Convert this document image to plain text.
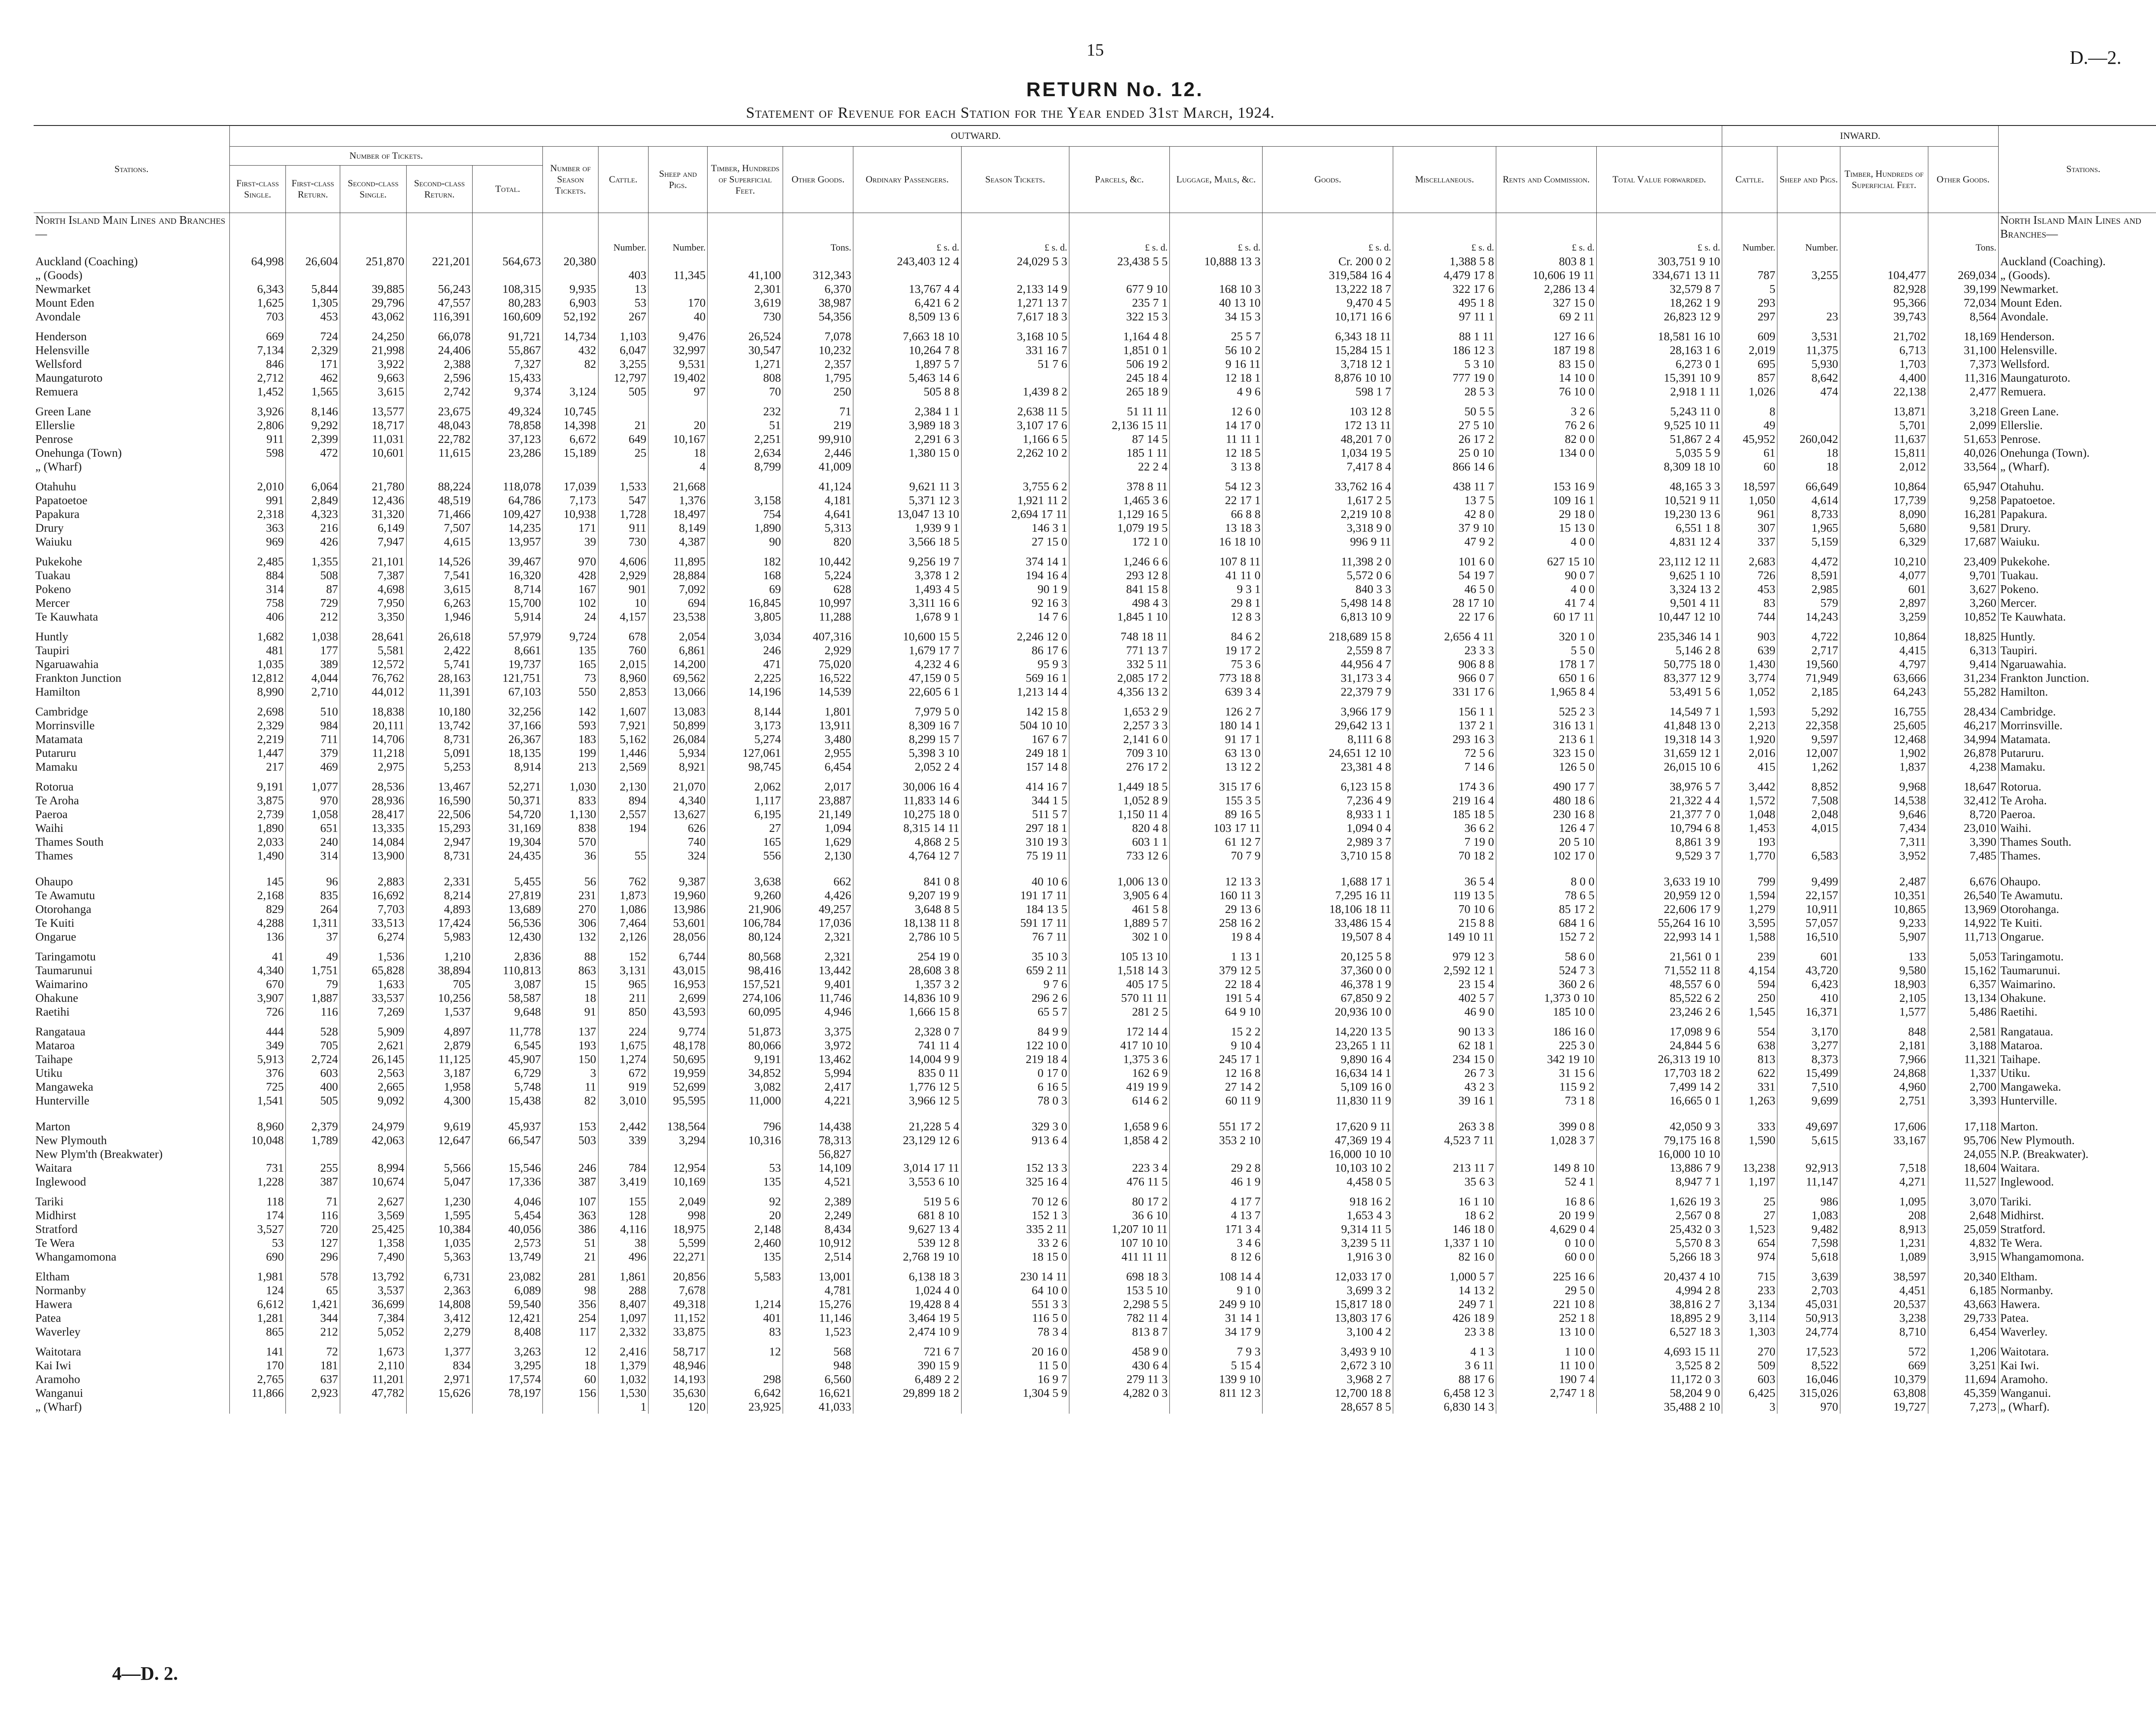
15	D.—2.
RETURN No. 12.
Statement of Revenue for each Station for the Year ended 31st March, 1924.
Stations.	OUTWARD.																		INWARD.				Stations.
	Number of Tickets.					Number of Season Tickets.	Cattle.	Sheep and Pigs.	Timber, Hundreds of Superficial Feet.	Other Goods.	Ordinary Passengers.	Season Tickets.	Parcels, &c.	Luggage, Mails, &c.	Goods.	Miscellaneous.	Rents and Commission.	Total Value forwarded.	Cattle.	Sheep and Pigs.	Timber, Hundreds of Superficial Feet.	Other Goods.	
	First-class Single.	First-class Return.	Second-class Single.	Second-class Return.	Total.																		
North Island Main Lines and Branches—																							North Island Main Lines and Branches—
							Number.	Number.		Tons.	£ s. d.	£ s. d.	£ s. d.	£ s. d.	£ s. d.	£ s. d.	£ s. d.	£ s. d.	Number.	Number.		Tons.	
Auckland (Coaching)	64,998	26,604	251,870	221,201	564,673	20,380					243,403 12 4	24,029 5 3	23,438 5 5	10,888 13 3	Cr. 200 0 2	1,388 5 8	803 8 1	303,751 9 10					Auckland (Coaching).
„ (Goods)							403	11,345	41,100	312,343					319,584 16 4	4,479 17 8	10,606 19 11	334,671 13 11	787	3,255	104,477	269,034	„ (Goods).
Newmarket	6,343	5,844	39,885	56,243	108,315	9,935	13		2,301	6,370	13,767 4 4	2,133 14 9	677 9 10	168 10 3	13,222 18 7	322 17 6	2,286 13 4	32,579 8 7	5		82,928	39,199	Newmarket.
Mount Eden	1,625	1,305	29,796	47,557	80,283	6,903	53	170	3,619	38,987	6,421 6 2	1,271 13 7	235 7 1	40 13 10	9,470 4 5	495 1 8	327 15 0	18,262 1 9	293		95,366	72,034	Mount Eden.
Avondale	703	453	43,062	116,391	160,609	52,192	267	40	730	54,356	8,509 13 6	7,617 18 3	322 15 3	34 15 3	10,171 16 6	97 11 1	69 2 11	26,823 12 9	297	23	39,743	8,564	Avondale.

Henderson	669	724	24,250	66,078	91,721	14,734	1,103	9,476	26,524	7,078	7,663 18 10	3,168 10 5	1,164 4 8	25 5 7	6,343 18 11	88 1 11	127 16 6	18,581 16 10	609	3,531	21,702	18,169	Henderson.
Helensville	7,134	2,329	21,998	24,406	55,867	432	6,047	32,997	30,547	10,232	10,264 7 8	331 16 7	1,851 0 1	56 10 2	15,284 15 1	186 12 3	187 19 8	28,163 1 6	2,019	11,375	6,713	31,100	Helensville.
Wellsford	846	171	3,922	2,388	7,327	82	3,255	9,531	1,271	2,357	1,897 5 7	51 7 6	506 19 2	9 16 11	3,718 12 1	5 3 10	83 15 0	6,273 0 1	695	5,930	1,703	7,373	Wellsford.
Maungaturoto	2,712	462	9,663	2,596	15,433		12,797	19,402	808	1,795	5,463 14 6		245 18 4	12 18 1	8,876 10 10	777 19 0	14 10 0	15,391 10 9	857	8,642	4,400	11,316	Maungaturoto.
Remuera	1,452	1,565	3,615	2,742	9,374	3,124	505	97	70	250	505 8 8	1,439 8 2	265 18 9	4 9 6	598 1 7	28 5 3	76 10 0	2,918 1 11	1,026	474	22,138	2,477	Remuera.

Green Lane	3,926	8,146	13,577	23,675	49,324	10,745			232	71	2,384 1 1	2,638 11 5	51 11 11	12 6 0	103 12 8	50 5 5	3 2 6	5,243 11 0	8		13,871	3,218	Green Lane.
Ellerslie	2,806	9,292	18,717	48,043	78,858	14,398	21	20	51	219	3,989 18 3	3,107 17 6	2,136 15 11	14 17 0	172 13 11	27 5 10	76 2 6	9,525 10 11	49		5,701	2,099	Ellerslie.
Penrose	911	2,399	11,031	22,782	37,123	6,672	649	10,167	2,251	99,910	2,291 6 3	1,166 6 5	87 14 5	11 11 1	48,201 7 0	26 17 2	82 0 0	51,867 2 4	45,952	260,042	11,637	51,653	Penrose.
Onehunga (Town)	598	472	10,601	11,615	23,286	15,189	25	18	2,634	2,446	1,380 15 0	2,262 10 2	185 1 11	12 18 5	1,034 19 5	25 0 10	134 0 0	5,035 5 9	61	18	15,811	40,026	Onehunga (Town).
„ (Wharf)								4	8,799	41,009			22 2 4	3 13 8	7,417 8 4	866 14 6		8,309 18 10	60	18	2,012	33,564	„ (Wharf).

Otahuhu	2,010	6,064	21,780	88,224	118,078	17,039	1,533	21,668		41,124	9,621 11 3	3,755 6 2	378 8 11	54 12 3	33,762 16 4	438 11 7	153 16 9	48,165 3 3	18,597	66,649	10,864	65,947	Otahuhu.
Papatoetoe	991	2,849	12,436	48,519	64,786	7,173	547	1,376	3,158	4,181	5,371 12 3	1,921 11 2	1,465 3 6	22 17 1	1,617 2 5	13 7 5	109 16 1	10,521 9 11	1,050	4,614	17,739	9,258	Papatoetoe.
Papakura	2,318	4,323	31,320	71,466	109,427	10,938	1,728	18,497	754	4,641	13,047 13 10	2,694 17 11	1,129 16 5	66 8 8	2,219 10 8	42 8 0	29 18 0	19,230 13 6	961	8,733	8,090	16,281	Papakura.
Drury	363	216	6,149	7,507	14,235	171	911	8,149	1,890	5,313	1,939 9 1	146 3 1	1,079 19 5	13 18 3	3,318 9 0	37 9 10	15 13 0	6,551 1 8	307	1,965	5,680	9,581	Drury.
Waiuku	969	426	7,947	4,615	13,957	39	730	4,387	90	820	3,566 18 5	27 15 0	172 1 0	16 18 10	996 9 11	47 9 2	4 0 0	4,831 12 4	337	5,159	6,329	17,687	Waiuku.

Pukekohe	2,485	1,355	21,101	14,526	39,467	970	4,606	11,895	182	10,442	9,256 19 7	374 14 1	1,246 6 6	107 8 11	11,398 2 0	101 6 0	627 15 10	23,112 12 11	2,683	4,472	10,210	23,409	Pukekohe.
Tuakau	884	508	7,387	7,541	16,320	428	2,929	28,884	168	5,224	3,378 1 2	194 16 4	293 12 8	41 11 0	5,572 0 6	54 19 7	90 0 7	9,625 1 10	726	8,591	4,077	9,701	Tuakau.
Pokeno	314	87	4,698	3,615	8,714	167	901	7,092	69	628	1,493 4 5	90 1 9	841 15 8	9 3 1	840 3 3	46 5 0	4 0 0	3,324 13 2	453	2,985	601	3,627	Pokeno.
Mercer	758	729	7,950	6,263	15,700	102	10	694	16,845	10,997	3,311 16 6	92 16 3	498 4 3	29 8 1	5,498 14 8	28 17 10	41 7 4	9,501 4 11	83	579	2,897	3,260	Mercer.
Te Kauwhata	406	212	3,350	1,946	5,914	24	4,157	23,538	3,805	11,288	1,678 9 1	14 7 6	1,845 1 10	12 8 3	6,813 10 9	22 17 6	60 17 11	10,447 12 10	744	14,243	3,259	10,852	Te Kauwhata.

Huntly	1,682	1,038	28,641	26,618	57,979	9,724	678	2,054	3,034	407,316	10,600 15 5	2,246 12 0	748 18 11	84 6 2	218,689 15 8	2,656 4 11	320 1 0	235,346 14 1	903	4,722	10,864	18,825	Huntly.
Taupiri	481	177	5,581	2,422	8,661	135	760	6,861	246	2,929	1,679 17 7	86 17 6	771 13 7	19 17 2	2,559 8 7	23 3 3	5 5 0	5,146 2 8	639	2,717	4,415	6,313	Taupiri.
Ngaruawahia	1,035	389	12,572	5,741	19,737	165	2,015	14,200	471	75,020	4,232 4 6	95 9 3	332 5 11	75 3 6	44,956 4 7	906 8 8	178 1 7	50,775 18 0	1,430	19,560	4,797	9,414	Ngaruawahia.
Frankton Junction	12,812	4,044	76,762	28,163	121,751	73	8,960	69,562	2,225	16,522	47,159 0 5	569 16 1	2,085 17 2	773 18 8	31,173 3 4	966 0 7	650 1 6	83,377 12 9	3,774	71,949	63,666	31,234	Frankton Junction.
Hamilton	8,990	2,710	44,012	11,391	67,103	550	2,853	13,066	14,196	14,539	22,605 6 1	1,213 14 4	4,356 13 2	639 3 4	22,379 7 9	331 17 6	1,965 8 4	53,491 5 6	1,052	2,185	64,243	55,282	Hamilton.

Cambridge	2,698	510	18,838	10,180	32,256	142	1,607	13,083	8,144	1,801	7,979 5 0	142 15 8	1,653 2 9	126 2 7	3,966 17 9	156 1 1	525 2 3	14,549 7 1	1,593	5,292	16,755	28,434	Cambridge.
Morrinsville	2,329	984	20,111	13,742	37,166	593	7,921	50,899	3,173	13,911	8,309 16 7	504 10 10	2,257 3 3	180 14 1	29,642 13 1	137 2 1	316 13 1	41,848 13 0	2,213	22,358	25,605	46,217	Morrinsville.
Matamata	2,219	711	14,706	8,731	26,367	183	5,162	26,084	5,274	3,480	8,299 15 7	167 6 7	2,141 6 0	91 17 1	8,111 6 8	293 16 3	213 6 1	19,318 14 3	1,920	9,597	12,468	34,994	Matamata.
Putaruru	1,447	379	11,218	5,091	18,135	199	1,446	5,934	127,061	2,955	5,398 3 10	249 18 1	709 3 10	63 13 0	24,651 12 10	72 5 6	323 15 0	31,659 12 1	2,016	12,007	1,902	26,878	Putaruru.
Mamaku	217	469	2,975	5,253	8,914	213	2,569	8,921	98,745	6,454	2,052 2 4	157 14 8	276 17 2	13 12 2	23,381 4 8	7 14 6	126 5 0	26,015 10 6	415	1,262	1,837	4,238	Mamaku.

Rotorua	9,191	1,077	28,536	13,467	52,271	1,030	2,130	21,070	2,062	2,017	30,006 16 4	414 16 7	1,449 18 5	315 17 6	6,123 15 8	174 3 6	490 17 7	38,976 5 7	3,442	8,852	9,968	18,647	Rotorua.
Te Aroha	3,875	970	28,936	16,590	50,371	833	894	4,340	1,117	23,887	11,833 14 6	344 1 5	1,052 8 9	155 3 5	7,236 4 9	219 16 4	480 18 6	21,322 4 4	1,572	7,508	14,538	32,412	Te Aroha.
Paeroa	2,739	1,058	28,417	22,506	54,720	1,130	2,557	13,627	6,195	21,149	10,275 18 0	511 5 7	1,150 11 4	89 16 5	8,933 1 1	185 18 5	230 16 8	21,377 7 0	1,048	2,048	9,646	8,720	Paeroa.
Waihi	1,890	651	13,335	15,293	31,169	838	194	626	27	1,094	8,315 14 11	297 18 1	820 4 8	103 17 11	1,094 0 4	36 6 2	126 4 7	10,794 6 8	1,453	4,015	7,434	23,010	Waihi.
Thames South	2,033	240	14,084	2,947	19,304	570		740	165	1,629	4,868 2 5	310 19 3	603 1 1	61 12 7	2,989 3 7	7 19 0	20 5 10	8,861 3 9	193		7,311	3,390	Thames South.
Thames	1,490	314	13,900	8,731	24,435	36	55	324	556	2,130	4,764 12 7	75 19 11	733 12 6	70 7 9	3,710 15 8	70 18 2	102 17 0	9,529 3 7	1,770	6,583	3,952	7,485	Thames.

Ohaupo	145	96	2,883	2,331	5,455	56	762	9,387	3,638	662	841 0 8	40 10 6	1,006 13 0	12 13 3	1,688 17 1	36 5 4	8 0 0	3,633 19 10	799	9,499	2,487	6,676	Ohaupo.
Te Awamutu	2,168	835	16,692	8,214	27,819	231	1,873	19,960	9,260	4,426	9,207 19 9	191 17 11	3,905 6 4	160 11 3	7,295 16 11	119 13 5	78 6 5	20,959 12 0	1,594	22,157	10,351	26,540	Te Awamutu.
Otorohanga	829	264	7,703	4,893	13,689	270	1,086	13,986	21,906	49,257	3,648 8 5	184 13 5	461 5 8	29 13 6	18,106 18 11	70 10 6	85 17 2	22,606 17 9	1,279	10,911	10,865	13,969	Otorohanga.
Te Kuiti	4,288	1,311	33,513	17,424	56,536	306	7,464	53,601	106,784	17,036	18,138 11 8	591 17 11	1,889 5 7	258 16 2	33,486 15 4	215 8 8	684 1 6	55,264 16 10	3,595	57,057	9,233	14,922	Te Kuiti.
Ongarue	136	37	6,274	5,983	12,430	132	2,126	28,056	80,124	2,321	2,786 10 5	76 7 11	302 1 0	19 8 4	19,507 8 4	149 10 11	152 7 2	22,993 14 1	1,588	16,510	5,907	11,713	Ongarue.

Taringamotu	41	49	1,536	1,210	2,836	88	152	6,744	80,568	2,321	254 19 0	35 10 3	105 13 10	1 13 1	20,125 5 8	979 12 3	58 6 0	21,561 0 1	239	601	133	5,053	Taringamotu.
Taumarunui	4,340	1,751	65,828	38,894	110,813	863	3,131	43,015	98,416	13,442	28,608 3 8	659 2 11	1,518 14 3	379 12 5	37,360 0 0	2,592 12 1	524 7 3	71,552 11 8	4,154	43,720	9,580	15,162	Taumarunui.
Waimarino	670	79	1,633	705	3,087	15	965	16,953	157,521	9,401	1,357 3 2	9 7 6	405 17 5	22 18 4	46,378 1 9	23 15 4	360 2 6	48,557 6 0	594	6,423	18,903	6,357	Waimarino.
Ohakune	3,907	1,887	33,537	10,256	58,587	18	211	2,699	274,106	11,746	14,836 10 9	296 2 6	570 11 11	191 5 4	67,850 9 2	402 5 7	1,373 0 10	85,522 6 2	250	410	2,105	13,134	Ohakune.
Raetihi	726	116	7,269	1,537	9,648	91	850	43,593	60,095	4,946	1,666 15 8	65 5 7	281 2 5	64 9 10	20,936 10 0	46 9 0	185 10 0	23,246 2 6	1,545	16,371	1,577	5,486	Raetihi.

Rangataua	444	528	5,909	4,897	11,778	137	224	9,774	51,873	3,375	2,328 0 7	84 9 9	172 14 4	15 2 2	14,220 13 5	90 13 3	186 16 0	17,098 9 6	554	3,170	848	2,581	Rangataua.
Mataroa	349	705	2,621	2,879	6,545	193	1,675	48,178	80,066	3,972	741 11 4	122 10 0	417 10 10	9 10 4	23,265 1 11	62 18 1	225 3 0	24,844 5 6	638	3,277	2,181	3,188	Mataroa.
Taihape	5,913	2,724	26,145	11,125	45,907	150	1,274	50,695	9,191	13,462	14,004 9 9	219 18 4	1,375 3 6	245 17 1	9,890 16 4	234 15 0	342 19 10	26,313 19 10	813	8,373	7,966	11,321	Taihape.
Utiku	376	603	2,563	3,187	6,729	3	672	19,959	34,852	5,994	835 0 11	0 17 0	162 6 9	12 16 8	16,634 14 1	26 7 3	31 15 6	17,703 18 2	622	15,499	24,868	1,337	Utiku.
Mangaweka	725	400	2,665	1,958	5,748	11	919	52,699	3,082	2,417	1,776 12 5	6 16 5	419 19 9	27 14 2	5,109 16 0	43 2 3	115 9 2	7,499 14 2	331	7,510	4,960	2,700	Mangaweka.
Hunterville	1,541	505	9,092	4,300	15,438	82	3,010	95,595	11,000	4,221	3,966 12 5	78 0 3	614 6 2	60 11 9	11,830 11 9	39 16 1	73 1 8	16,665 0 1	1,263	9,699	2,751	3,393	Hunterville.

Marton	8,960	2,379	24,979	9,619	45,937	153	2,442	138,564	796	14,438	21,228 5 4	329 3 0	1,658 9 6	551 17 2	17,620 9 11	263 3 8	399 0 8	42,050 9 3	333	49,697	17,606	17,118	Marton.
New Plymouth	10,048	1,789	42,063	12,647	66,547	503	339	3,294	10,316	78,313	23,129 12 6	913 6 4	1,858 4 2	353 2 10	47,369 19 4	4,523 7 11	1,028 3 7	79,175 16 8	1,590	5,615	33,167	95,706	New Plymouth.
New Plym'th (Breakwater)										56,827					16,000 10 10			16,000 10 10				24,055	N.P. (Breakwater).
Waitara	731	255	8,994	5,566	15,546	246	784	12,954	53	14,109	3,014 17 11	152 13 3	223 3 4	29 2 8	10,103 10 2	213 11 7	149 8 10	13,886 7 9	13,238	92,913	7,518	18,604	Waitara.
Inglewood	1,228	387	10,674	5,047	17,336	387	3,419	10,169	135	4,521	3,553 6 10	325 16 4	476 11 5	46 1 9	4,458 0 5	35 6 3	52 4 1	8,947 7 1	1,197	11,147	4,271	11,527	Inglewood.

Tariki	118	71	2,627	1,230	4,046	107	155	2,049	92	2,389	519 5 6	70 12 6	80 17 2	4 17 7	918 16 2	16 1 10	16 8 6	1,626 19 3	25	986	1,095	3,070	Tariki.
Midhirst	174	116	3,569	1,595	5,454	363	128	998	20	2,249	681 8 10	152 1 3	36 6 10	4 13 7	1,653 4 3	18 6 2	20 19 9	2,567 0 8	27	1,083	208	2,648	Midhirst.
Stratford	3,527	720	25,425	10,384	40,056	386	4,116	18,975	2,148	8,434	9,627 13 4	335 2 11	1,207 10 11	171 3 4	9,314 11 5	146 18 0	4,629 0 4	25,432 0 3	1,523	9,482	8,913	25,059	Stratford.
Te Wera	53	127	1,358	1,035	2,573	51	38	5,599	2,460	10,912	539 12 8	33 2 6	107 10 10	3 4 6	3,239 5 11	1,337 1 10	0 10 0	5,570 8 3	654	7,598	1,231	4,832	Te Wera.
Whangamomona	690	296	7,490	5,363	13,749	21	496	22,271	135	2,514	2,768 19 10	18 15 0	411 11 11	8 12 6	1,916 3 0	82 16 0	60 0 0	5,266 18 3	974	5,618	1,089	3,915	Whangamomona.

Eltham	1,981	578	13,792	6,731	23,082	281	1,861	20,856	5,583	13,001	6,138 18 3	230 14 11	698 18 3	108 14 4	12,033 17 0	1,000 5 7	225 16 6	20,437 4 10	715	3,639	38,597	20,340	Eltham.
Normanby	124	65	3,537	2,363	6,089	98	288	7,678		4,781	1,024 4 0	64 10 0	153 5 10	9 1 0	3,699 3 2	14 13 2	29 5 0	4,994 2 8	233	2,703	4,451	6,185	Normanby.
Hawera	6,612	1,421	36,699	14,808	59,540	356	8,407	49,318	1,214	15,276	19,428 8 4	551 3 3	2,298 5 5	249 9 10	15,817 18 0	249 7 1	221 10 8	38,816 2 7	3,134	45,031	20,537	43,663	Hawera.
Patea	1,281	344	7,384	3,412	12,421	254	1,097	11,152	401	11,146	3,464 19 5	116 5 0	782 11 4	31 14 1	13,803 17 6	426 18 9	252 1 8	18,895 2 9	3,114	50,913	3,238	29,733	Patea.
Waverley	865	212	5,052	2,279	8,408	117	2,332	33,875	83	1,523	2,474 10 9	78 3 4	813 8 7	34 17 9	3,100 4 2	23 3 8	13 10 0	6,527 18 3	1,303	24,774	8,710	6,454	Waverley.

Waitotara	141	72	1,673	1,377	3,263	12	2,416	58,717	12	568	721 6 7	20 16 0	458 9 0	7 9 3	3,493 9 10	4 1 3	1 10 0	4,693 15 11	270	17,523	572	1,206	Waitotara.
Kai Iwi	170	181	2,110	834	3,295	18	1,379	48,946		948	390 15 9	11 5 0	430 6 4	5 15 4	2,672 3 10	3 6 11	11 10 0	3,525 8 2	509	8,522	669	3,251	Kai Iwi.
Aramoho	2,765	637	11,201	2,971	17,574	60	1,032	14,193	298	6,560	6,489 2 2	16 9 7	279 11 3	139 9 10	3,968 2 7	88 17 6	190 7 4	11,172 0 3	603	16,046	10,379	11,694	Aramoho.
Wanganui	11,866	2,923	47,782	15,626	78,197	156	1,530	35,630	6,642	16,621	29,899 18 2	1,304 5 9	4,282 0 3	811 12 3	12,700 18 8	6,458 12 3	2,747 1 8	58,204 9 0	6,425	315,026	63,808	45,359	Wanganui.
„ (Wharf)							1	120	23,925	41,033					28,657 8 5	6,830 14 3		35,488 2 10	3	970	19,727	7,273	„ (Wharf).
4—D. 2.
